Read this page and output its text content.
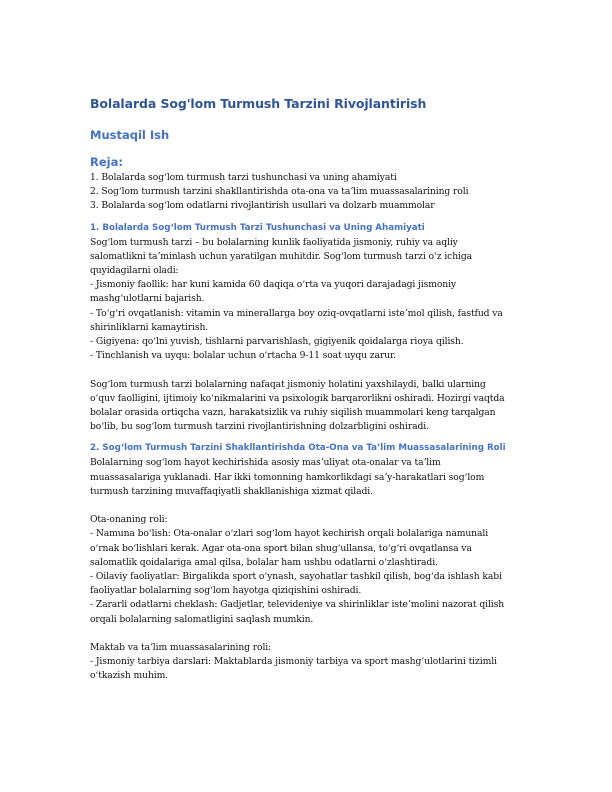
Bolalarda Sog'lom Turmush Tarzini Rivojlantirish
Mustaqil Ish
Reja:

1. Bolalarda sogʻlom turmush tarzi tushunchasi va uning ahamiyati

2. Sogʻlom turmush tarzini shakllantirishda ota-ona va taʼlim muassasalarining roli

3. Bolalarda sogʻlom odatlarni rivojlantirish usullari va dolzarb muammolar

1. Bolalarda Sogʻlom Turmush Tarzi Tushunchasi va Uning Ahamiyati

Sogʻlom turmush tarzi – bu bolalarning kunlik faoliyatida jismoniy, ruhiy va aqliy

salomatlikni taʼminlash uchun yaratilgan muhitdir. Sogʻlom turmush tarzi oʻz ichiga

quyidagilarni oladi:

- Jismoniy faollik: har kuni kamida 60 daqiqa oʻrta va yuqori darajadagi jismoniy

mashgʻulotlarni bajarish.

- Toʻgʻri ovqatlanish: vitamin va minerallarga boy oziq-ovqatlarni isteʼmol qilish, fastfud va

shirinliklarni kamaytirish.

- Gigiyena: qoʻlni yuvish, tishlarni parvarishlash, gigiyenik qoidalarga rioya qilish.

- Tinchlanish va uyqu: bolalar uchun oʻrtacha 9-11 soat uyqu zarur.

Sogʻlom turmush tarzi bolalarning nafaqat jismoniy holatini yaxshilaydi, balki ularning

oʻquv faolligini, ijtimoiy koʻnikmalarini va psixologik barqarorlikni oshiradi. Hozirgi vaqtda

bolalar orasida ortiqcha vazn, harakatsizlik va ruhiy siqilish muammolari keng tarqalgan

boʻlib, bu sogʻlom turmush tarzini rivojlantirishning dolzarbligini oshiradi.

2. Sogʻlom Turmush Tarzini Shakllantirishda Ota-Ona va Taʼlim Muassasalarining Roli

Bolalarning sogʻlom hayot kechirishida asosiy masʼuliyat ota-onalar va taʼlim

muassasalariga yuklanadi. Har ikki tomonning hamkorlikdagi saʼy-harakatlari sogʻlom

turmush tarzining muvaffaqiyatli shakllanishiga xizmat qiladi.

Ota-onaning roli:

- Namuna boʻlish: Ota-onalar oʻzlari sogʻlom hayot kechirish orqali bolalariga namunali

oʻrnak boʻlishlari kerak. Agar ota-ona sport bilan shugʻullansa, toʻgʻri ovqatlansa va

salomatlik qoidalariga amal qilsa, bolalar ham ushbu odatlarni oʻzlashtiradi.

- Oilaviy faoliyatlar: Birgalikda sport oʻynash, sayohatlar tashkil qilish, bogʻda ishlash kabi

faoliyatlar bolalarning sogʻlom hayotga qiziqishini oshiradi.

- Zararli odatlarni cheklash: Gadjetlar, televideniye va shirinliklar isteʼmolini nazorat qilish

orqali bolalarning salomatligini saqlash mumkin.

Maktab va taʼlim muassasalarining roli:

- Jismoniy tarbiya darslari: Maktablarda jismoniy tarbiya va sport mashgʻulotlarini tizimli

oʻtkazish muhim.
